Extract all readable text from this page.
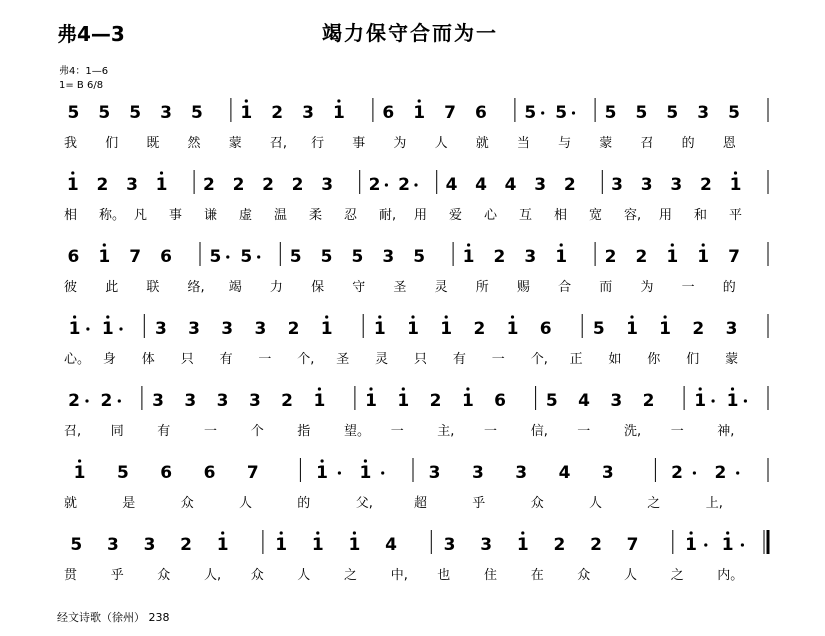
弗4—3	竭力保守合而为一
弗4：1—6
1= B 6/8
5 5 5 3 5 1 2 3 1 6 1 7 6 5 5 5 5 5 3 5
我 们 既 然 蒙 召, 行 事 为 人 就 当 与 蒙 召 的 恩
1 2 3 1 2 2 2 2 3 2 2 4 4 4 3 2 3 3 3 2 1
相 称。 凡 事 谦 虚 温 柔 忍 耐, 用 爱 心 互 相 宽 容, 用 和 平
6 1 7 6 5 5 5 5 5 3 5 1 2 3 1 2 2 1 1 7
彼 此 联 络, 竭 力 保 守 圣 灵 所 赐 合 而 为 一 的
1 1 3 3 3 3 2 1 1 1 1 2 1 6 5 1 1 2 3
心。 身 体 只 有 一 个, 圣 灵 只 有 一 个, 正 如 你 们 蒙
2 2 3 3 3 3 2 1 1 1 2 1 6 5 4 3 2 1 1
召, 同	有	一	个	指	望。 一	主, 一	信, 一	洗, 一	神,
1 5 6 6 7	1 1	3 3 3 4 3	2 2
就	是	众	人	的	父,	超	乎	众	人	之	上,
5 3 3 2 1	1 1 1 4	3 3 1 2 2 7	1 1
贯	乎	众	人, 众	人	之	中, 也	住	在	众	人	之	内。
经文诗歌（徐州） 238
